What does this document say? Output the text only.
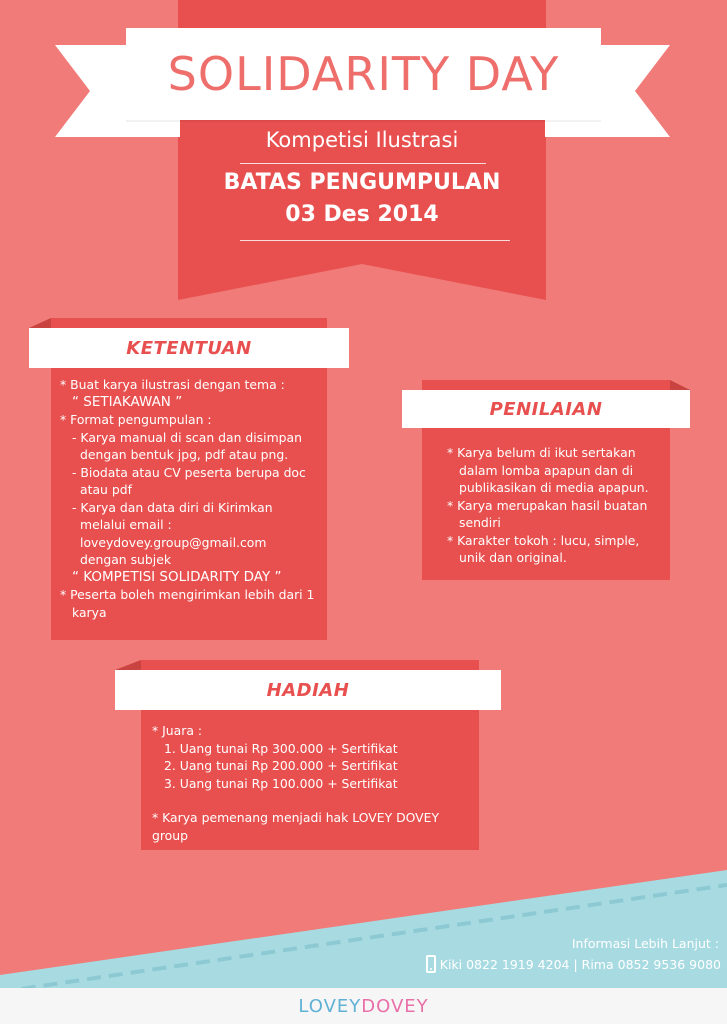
SOLIDARITY DAY
Kompetisi Ilustrasi
BATAS PENGUMPULAN
03 Des 2014
KETENTUAN
* Buat karya ilustrasi dengan tema :
“ SETIAKAWAN ”
* Format pengumpulan :
- Karya manual di scan dan disimpan
dengan bentuk jpg, pdf atau png.
- Biodata atau CV peserta berupa doc
atau pdf
- Karya dan data diri di Kirimkan
melalui email :
loveydovey.group@gmail.com
dengan subjek
“ KOMPETISI SOLIDARITY DAY ”
* Peserta boleh mengirimkan lebih dari 1
karya
PENILAIAN
* Karya belum di ikut sertakan
dalam lomba apapun dan di
publikasikan di media apapun.
* Karya merupakan hasil buatan
sendiri
* Karakter tokoh : lucu, simple,
unik dan original.
HADIAH
* Juara :
1. Uang tunai Rp 300.000 + Sertifikat
2. Uang tunai Rp 200.000 + Sertifikat
3. Uang tunai Rp 100.000 + Sertifikat
* Karya pemenang menjadi hak LOVEY DOVEY group
Informasi Lebih Lanjut :
Kiki 0822 1919 4204 | Rima 0852 9536 9080
LOVEYDOVEY
